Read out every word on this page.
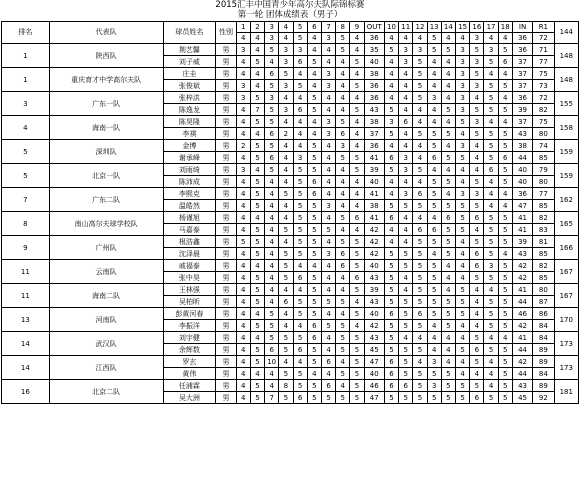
2015汇丰中国青少年高尔夫队际锦标赛
第一轮 团体成绩表（男子）
排名	代表队	球员姓名	性别	1	2	3	4	5	6	7	8	9	OUT	10	11	12	13	14	15	16	17	18	IN	R1	144
				4	4	3	4	5	4	3	5	4	36	4	4	4	5	4	4	3	4	4	36	72	
1	陕西队	荆艺馨	男	3	4	5	3	3	4	4	5	4	35	5	3	3	5	5	3	5	3	5	36	71	148
		刘子威	男	4	5	4	3	6	5	4	4	5	40	4	3	5	4	4	3	3	5	6	37	77	
1	重庆育才中学高尔夫队	庄圭	男	4	4	6	5	4	4	3	4	4	38	4	4	5	4	4	3	5	4	4	37	75	148
		张俊斌	男	3	4	5	3	5	4	3	4	5	36	4	4	5	4	4	3	3	5	5	37	73	
3	广东一队	张梓洪	男	3	5	3	4	4	5	4	4	4	36	4	4	5	3	4	3	4	5	4	36	72	155
		陈逸龙	男	4	7	5	3	6	5	4	4	5	43	5	4	4	4	5	3	5	5	5	39	82	
4	海南一队	陈昊隆	男	4	5	5	4	4	4	3	5	4	38	3	6	4	4	4	5	3	4	4	37	75	158
		李祺	男	4	4	6	2	4	4	3	6	4	37	5	4	5	5	5	4	5	5	5	43	80	
5	深圳队	金博	男	2	5	5	4	4	5	4	3	4	36	4	4	4	5	4	3	4	5	5	38	74	159
		谢承峰	男	4	5	6	4	3	5	4	5	5	41	6	3	4	6	5	5	4	5	6	44	85	
5	北京一队	刘雨绮	男	3	4	5	4	5	5	4	4	5	39	5	3	5	4	4	4	4	6	5	40	79	159
		陈沛成	男	4	5	4	4	5	6	4	4	4	40	4	4	4	5	5	4	5	4	5	40	80	
7	广东二队	李熙克	男	4	5	4	5	5	6	4	4	4	41	4	3	6	5	4	3	3	4	4	36	77	162
		温皓然	男	4	5	4	4	5	5	3	4	4	38	5	5	5	5	5	5	5	4	4	47	85	
8	南山高尔夫球学校队	杨谨旭	男	4	4	4	4	5	5	4	5	6	41	6	4	4	4	6	5	6	5	5	41	82	165
		马嘉泰	男	4	5	4	5	5	5	5	4	4	42	4	4	6	6	5	5	4	5	5	41	83	
9	广州队	根浩鑫	男	5	5	4	4	5	5	4	5	5	42	4	4	5	5	5	4	5	5	5	39	81	166
		沈泽晨	男	4	5	4	5	5	5	3	6	5	42	5	5	5	4	5	4	6	5	4	43	85	
11	云南队	戚福泰	男	4	4	4	5	4	4	4	6	5	40	5	5	5	5	4	4	6	3	5	42	82	167
		张中昊	男	4	5	4	5	6	5	4	4	6	43	5	4	5	5	4	4	5	5	5	42	85	
11	海南二队	王林强	男	4	5	4	4	4	5	4	4	5	39	5	4	5	5	4	5	4	4	5	41	80	167
		吴柏昕	男	4	5	4	6	5	5	5	5	4	43	5	5	5	5	5	5	4	5	5	44	87	
13	河南队	彭黄河春	男	4	4	5	4	5	5	4	4	5	40	6	5	6	5	5	5	4	5	5	46	86	170
		李振洋	男	4	5	5	4	4	6	5	5	4	42	5	5	5	4	5	4	4	5	5	42	84	
14	武汉队	刘宇健	男	4	4	5	5	5	6	4	5	5	43	5	4	4	4	4	4	5	4	4	41	84	173
		余辉数	男	4	5	6	5	6	5	4	5	5	45	5	5	5	4	4	5	6	5	5	44	89	
14	江西队	罗玄	男	4	5	10	4	4	5	6	4	5	47	6	5	4	3	4	4	5	4	5	42	89	173
		黄伟	男	4	4	4	5	5	4	4	5	5	40	6	5	5	5	5	4	4	4	5	44	84	
16	北京二队	任浦霖	男	4	5	4	8	5	5	6	4	5	46	6	6	5	3	5	5	5	4	5	43	89	181
		吴大洲	男	4	5	7	5	6	5	5	5	5	47	5	5	5	5	5	5	6	5	5	45	92	
